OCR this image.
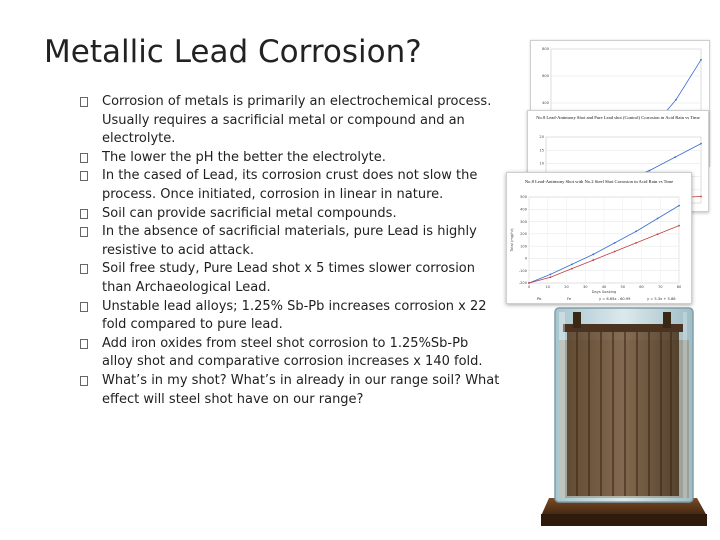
Metallic Lead Corrosion?
Corrosion of metals is primarily an electrochemical process. Usually requires a sacrificial metal or compound and an electrolyte.
The lower the pH the better the electrolyte.
In the cased of Lead, its corrosion crust does not slow the process. Once initiated, corrosion in linear in nature.
Soil can provide sacrificial metal compounds.
In the absence of sacrificial materials, pure Lead is highly resistive to acid attack.
Soil free study, Pure Lead shot x 5 times slower corrosion than Archaeological Lead.
Unstable lead alloys; 1.25% Sb-Pb increases corrosion x 22 fold compared to pure lead.
Add iron oxides from steel shot corrosion to 1.25%Sb-Pb alloy shot and comparative corrosion increases x 140 fold.
What’s in my shot? What’s in already in our range soil? What effect will steel shot have on our range?
800
600
400
No.8 Lead-Antimony Shot and Pure Lead shot (Control) Corrosion in Acid Rain vs Time
20
15
10
No.8 Lead-Antimony Shot with No.2 Steel Shot Corrosion in Acid Rain vs Time
500
400
300
200
100
0
-100
-200
0	10	20	30	40	50	60	70	80
Days Soaking
Total (mg/hr)
Pb	Fe	y = 6.65x - 60.99	y = 5.3x + 5.86
